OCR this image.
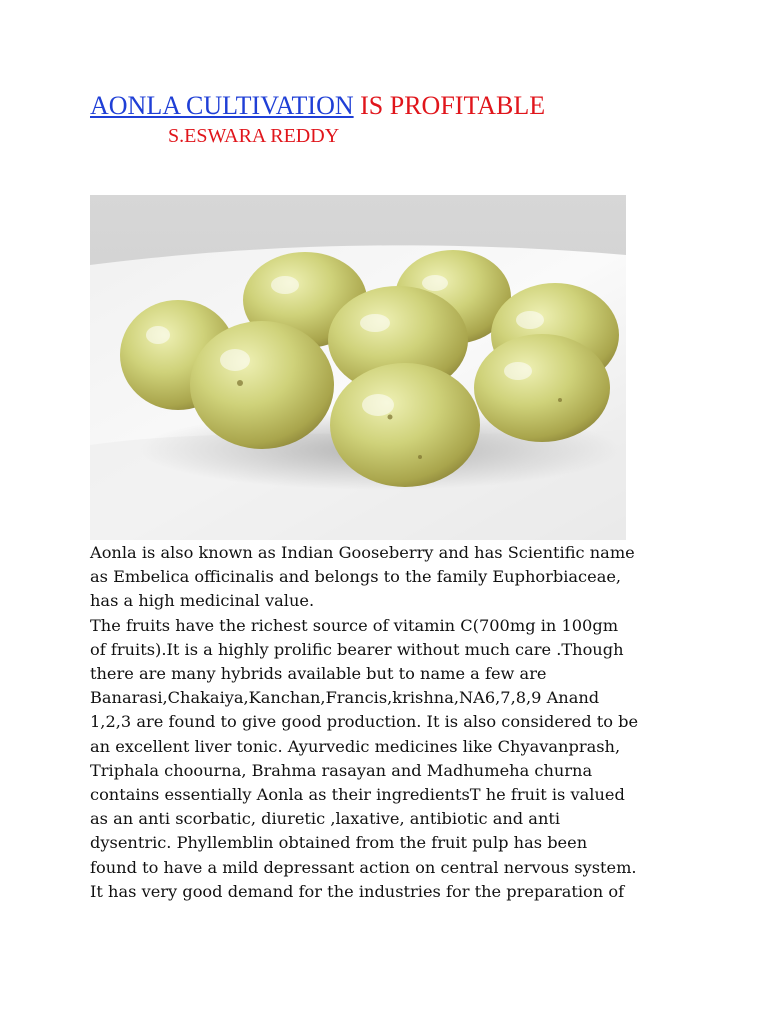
AONLA CULTIVATION IS PROFITABLE
S.ESWARA REDDY

Aonla is also known as Indian Gooseberry and has Scientific name

as Embelica officinalis and belongs to the family Euphorbiaceae,

has a high medicinal value.

The fruits have the richest source of vitamin C(700mg in 100gm

of fruits).It is a highly prolific bearer without much care .Though

there are many hybrids available but to name a few are

Banarasi,Chakaiya,Kanchan,Francis,krishna,NA6,7,8,9 Anand

1,2,3 are found to give good production. It is also considered to be

an excellent liver tonic. Ayurvedic medicines like Chyavanprash,

Triphala choourna, Brahma rasayan and Madhumeha churna

contains essentially Aonla as their ingredientsT he fruit is valued

as an anti scorbatic, diuretic ,laxative, antibiotic and anti

dysentric. Phyllemblin obtained from the fruit pulp has been

found to have a mild depressant action on central nervous system.

It has very good demand for the industries for the preparation of
